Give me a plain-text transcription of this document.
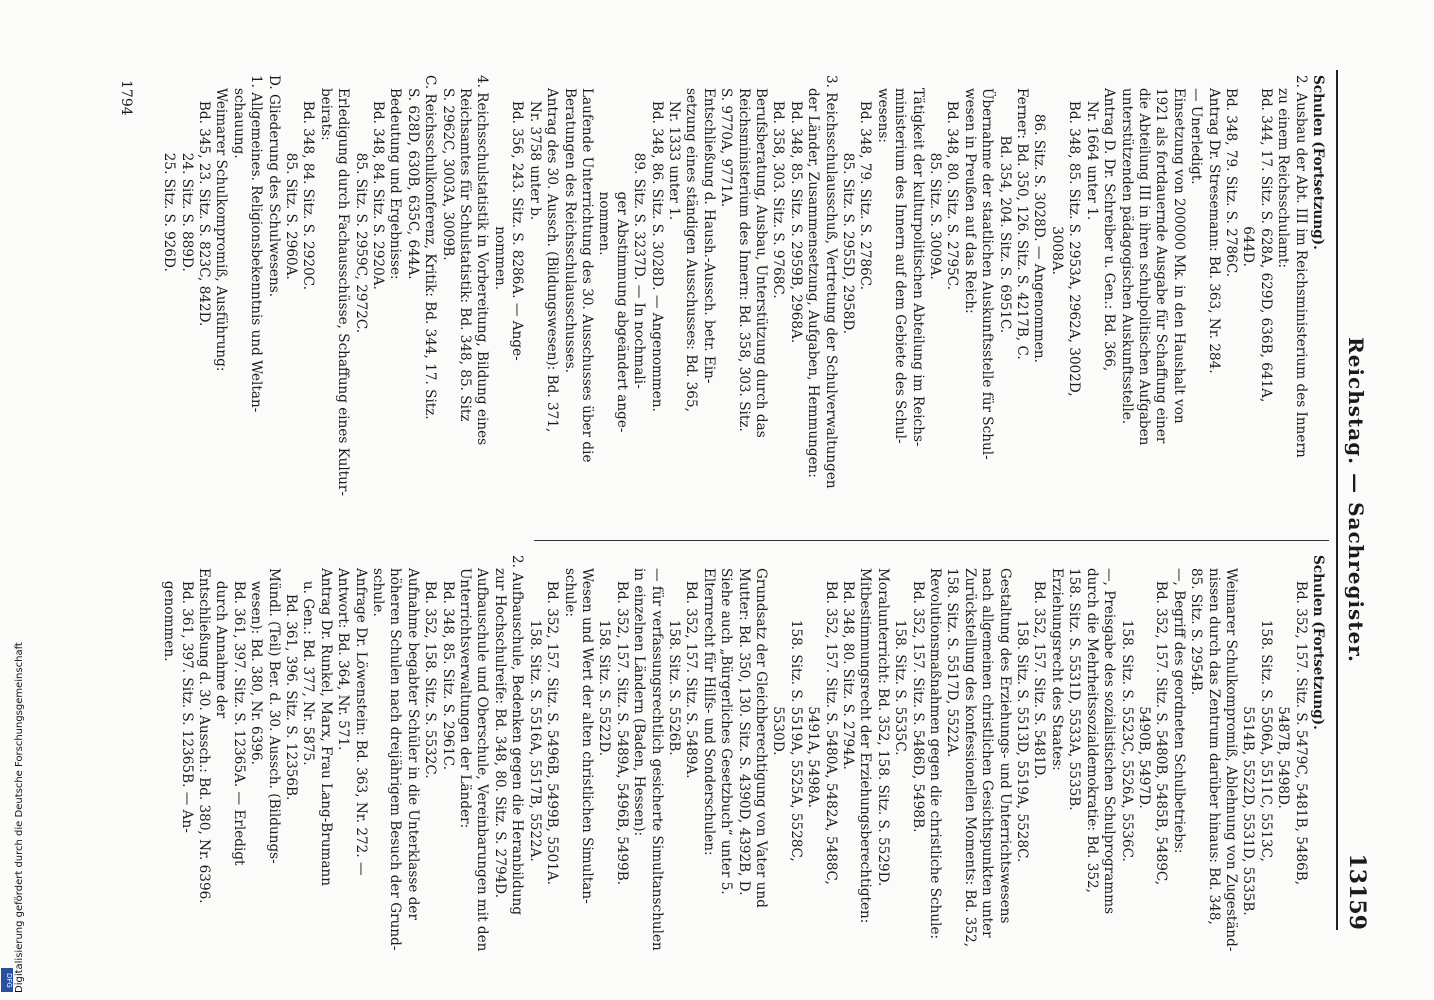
Reichstag. — Sachregister.
13159
Schulen (Fortsetzung).
2. Ausbau der Abt. III im Reichsministerium des Innern
zu einem Reichsschulamt:
Bd. 344, 17. Sitz. S. 628A, 629D, 636B, 641A,
644D.
Bd. 348, 79. Sitz. S. 2786C.
Antrag Dr. Stresemann: Bd. 363, Nr. 284.
— Unerledigt.
Einsetzung von 200000 Mk. in den Haushalt von
1921 als fortdauernde Ausgabe für Schaffung einer
die Abteilung III in ihren schulpolitischen Aufgaben
unterstützenden pädagogischen Auskunftsstelle.
Antrag D. Dr. Schreiber u. Gen.: Bd. 366,
Nr. 1664 unter 1.
Bd. 348, 85. Sitz. S. 2953A, 2962A, 3002D,
3008A.
86. Sitz. S. 3028D. — Angenommen.
Ferner: Bd. 350, 126. Sitz. S. 4217B, C.
Bd. 354, 204. Sitz. S. 6951C.
Übernahme der staatlichen Auskunftsstelle für Schul-
wesen in Preußen auf das Reich:
Bd. 348, 80. Sitz. S. 2795C.
85. Sitz. S. 3009A.
Tätigkeit der kulturpolitischen Abteilung im Reichs-
ministerium des Innern auf dem Gebiete des Schul-
wesens:
Bd. 348, 79. Sitz. S. 2786C.
85. Sitz. S. 2955D, 2958D.
3. Reichsschulausschuß, Vertretung der Schulverwaltungen
der Länder, Zusammensetzung, Aufgaben, Hemmungen:
Bd. 348, 85. Sitz. S. 2959B, 2968A.
Bd. 358, 303. Sitz. S. 9768C.
Berufsberatung, Ausbau, Unterstützung durch das
Reichsministerium des Innern: Bd. 358, 303. Sitz.
S. 9770A, 9771A.
Entschließung d. Haush.-Aussch. betr. Ein-
setzung eines ständigen Ausschusses: Bd. 365,
Nr. 1333 unter 1.
Bd. 348, 86. Sitz. S. 3028D. — Angenommen.
89. Sitz. S. 3237D. — In nochmali-
ger Abstimmung abgeändert ange-
nommen.
Laufende Unterrichtung des 30. Ausschusses über die
Beratungen des Reichsschulausschusses.
Antrag des 30. Aussch. (Bildungswesen): Bd. 371,
Nr. 3758 unter b.
Bd. 356, 243. Sitz. S. 8286A. — Ange-
nommen.
4. Reichsschulstatistik in Vorbereitung, Bildung eines
Reichsamtes für Schulstatistik: Bd. 348, 85. Sitz
S. 2962C, 3003A, 3009B.
C. Reichsschulkonferenz, Kritik: Bd. 344, 17. Sitz.
S. 628D, 630B, 635C, 644A.
Bedeutung und Ergebnisse:
Bd. 348, 84. Sitz. S. 2920A.
85. Sitz. S. 2959C, 2972C.
Erledigung durch Fachausschüsse, Schaffung eines Kultur-
beirats:
Bd. 348, 84. Sitz. S. 2920C.
85. Sitz. S. 2960A.
D. Gliederung des Schulwesens.
1. Allgemeines. Religionsbekenntnis und Weltan-
schauung.
Weimarer Schulkompromiß, Ausführung:
Bd. 345, 23. Sitz. S. 823C, 842D.
24. Sitz. S. 889D.
25. Sitz. S. 926D.
Schulen (Fortsetzung).
Bd. 352, 157. Sitz. S. 5479C, 5481B, 5486B,
5487B, 5498D.
158. Sitz. S. 5506A, 5511C, 5513C,
5514B, 5522D, 5531D, 5535B.
Weimarer Schulkompromiß, Ablehnung von Zugeständ-
nissen durch das Zentrum darüber hinaus: Bd. 348,
85. Sitz. S. 2954B.
—, Begriff des geordneten Schulbetriebs:
Bd. 352, 157. Sitz. S. 5480B, 5485B, 5489C,
5490B, 5497D.
158. Sitz. S. 5523C, 5526A, 5536C.
—, Preisgabe des sozialistischen Schulprogramms
durch die Mehrheitssozialdemokratie: Bd. 352,
158. Sitz. S. 5531D, 5533A, 5535B.
Erziehungsrecht des Staates:
Bd. 352, 157. Sitz. S. 5481D.
158. Sitz. S. 5513D, 5519A, 5528C.
Gestaltung des Erziehungs- und Unterrichtswesens
nach allgemeinen christlichen Gesichtspunkten unter
Zurückstellung des konfessionellen Moments: Bd. 352,
158. Sitz. S. 5517D, 5522A.
Revolutionsmaßnahmen gegen die christliche Schule:
Bd. 352, 157. Sitz. S. 5486D, 5498B.
158. Sitz. S. 5535C.
Moralunterricht: Bd. 352, 158. Sitz. S. 5529D.
Mitbestimmungsrecht der Erziehungsberechtigten:
Bd. 348, 80. Sitz. S. 2794A.
Bd. 352, 157. Sitz. S. 5480A, 5482A, 5488C,
5491A, 5498A.
158. Sitz. S. 5519A, 5525A, 5528C,
5530D.
Grundsatz der Gleichberechtigung von Vater und
Mutter: Bd. 350, 130. Sitz. S. 4390D, 4392B, D.
Siehe auch „Bürgerliches Gesetzbuch“ unter 5.
Elternrecht für Hilfs- und Sonderschulen:
Bd. 352, 157. Sitz. S. 5489A.
158. Sitz. S. 5526B.
— für verfassungsrechtlich gesicherte Simultanschulen
in einzelnen Ländern (Baden, Hessen):
Bd. 352, 157. Sitz. S. 5489A, 5496B, 5499B.
158. Sitz. S. 5522D.
Wesen und Wert der alten christlichen Simultan-
schule:
Bd. 352, 157. Sitz. S. 5496B, 5499B, 5501A.
158. Sitz. S. 5516A, 5517B, 5522A.
2. Aufbauschule, Bedenken gegen die Heranbildung
zur Hochschulreife: Bd. 348, 80. Sitz. S. 2794D.
Aufbauschule und Oberschule, Vereinbarungen mit den
Unterrichtsverwaltungen der Länder:
Bd. 348, 85. Sitz. S. 2961C.
Bd. 352, 158. Sitz. S. 5532C.
Aufnahme begabter Schüler in die Unterklasse der
höheren Schulen nach dreijährigem Besuch der Grund-
schule.
Anfrage Dr. Löwenstein: Bd. 363, Nr. 272. —
Antwort: Bd. 364, Nr. 571.
Antrag Dr. Runkel, Marx, Frau Lang-Brumann
u. Gen.: Bd. 377, Nr. 5875.
Bd. 361, 396. Sitz. S. 12356B.
Mündl. (Teil) Ber. d. 30. Aussch. (Bildungs-
wesen): Bd. 380, Nr. 6396.
Bd. 361, 397. Sitz. S. 12365A. — Erledigt
durch Annahme der
Entschließung d. 30. Aussch.: Bd. 380, Nr. 6396.
Bd. 361, 397. Sitz. S. 12365B. — An-
genommen.
1794
Digitalisierung gefördert durch die Deutsche Forschungsgemeinschaft
DFG
